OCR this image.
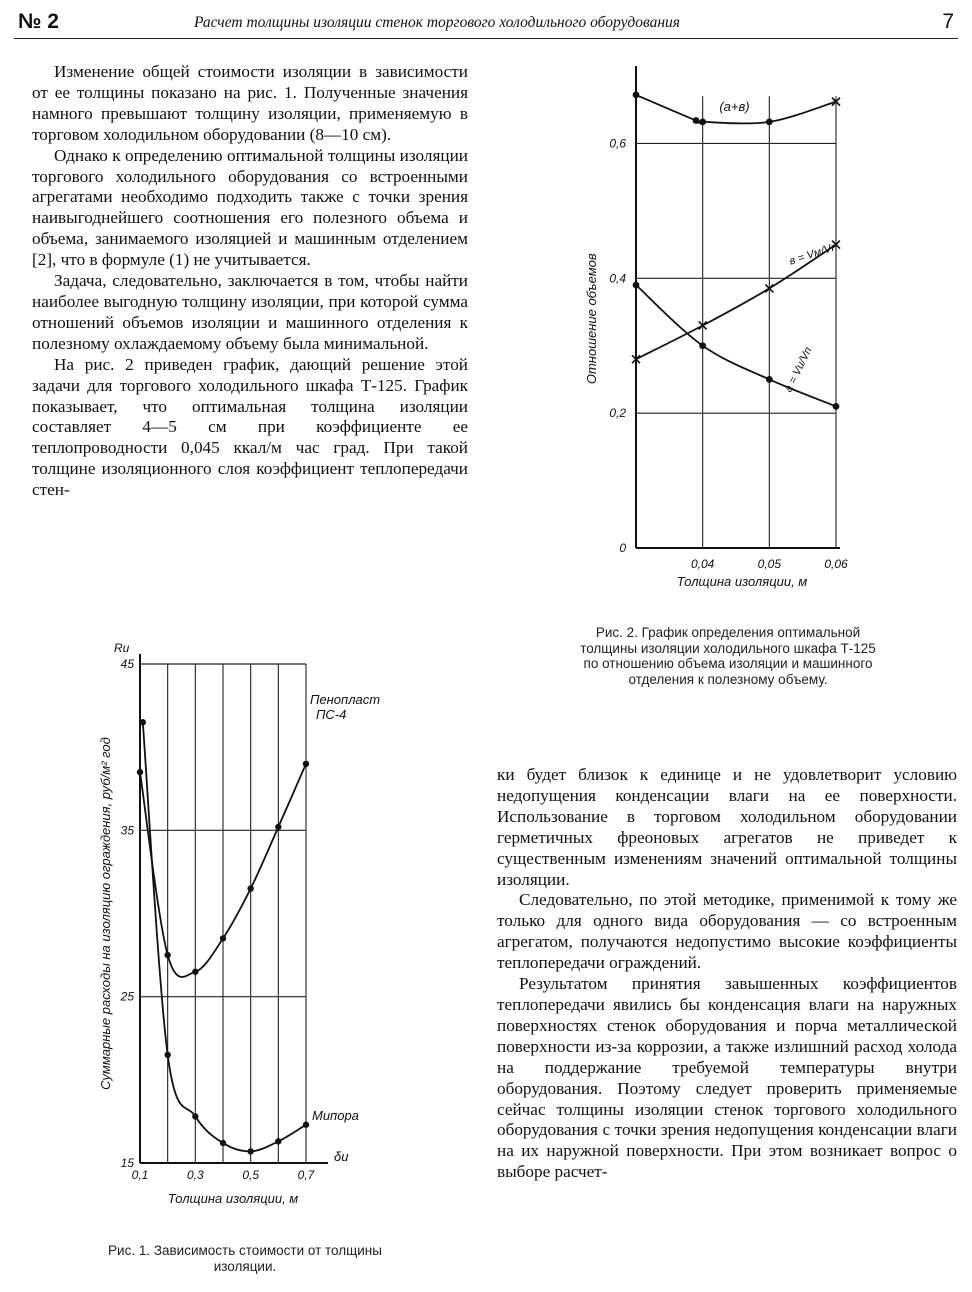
№ 2	Расчет толщины изоляции стенок торгового холодильного оборудования	7

Изменение общей стоимости изоляции в зависимости от ее толщины показано на рис. 1. Полученные значения намного превышают толщину изоляции, применяемую в торговом холодильном оборудовании (8—10 см).

Однако к определению оптимальной толщины изоляции торгового холодильного оборудования со встроенными агрегатами необходимо подходить также с точки зрения наивыгоднейшего соотношения его полезного объема и объема, занимаемого изоляцией и машинным отделением [2], что в формуле (1) не учитывается.

Задача, следовательно, заключается в том, чтобы найти наиболее выгодную толщину изоляции, при которой сумма отношений объемов изоляции и машинного отделения к полезному охлаждаемому объему была минимальной.

На рис. 2 приведен график, дающий решение этой задачи для торгового холодильного шкафа Т-125. График показывает, что оптимальная толщина изоляции составляет 4—5 см при коэффициенте ее теплопроводности 0,045 ккал/м час град. При такой толщине изоляционного слоя коэффициент теплопередачи стен-

ки будет близок к единице и не удовлетворит условию недопущения конденсации влаги на ее поверхности. Использование в торговом холодильном оборудовании герметичных фреоновых агрегатов не приведет к существенным изменениям значений оптимальной толщины изоляции.

Следовательно, по этой методике, применимой к тому же только для одного вида оборудования — со встроенным агрегатом, получаются недопустимо высокие коэффициенты теплопередачи ограждений.

Результатом принятия завышенных коэффициентов теплопередачи явились бы конденсация влаги на наружных поверхностях стенок оборудования и порча металлической поверхности из-за коррозии, а также излишний расход холода на поддержание требуемой температуры внутри оборудования. Поэтому следует проверить применяемые сейчас толщины изоляции стенок торгового холодильного оборудования с точки зрения недопущения конденсации влаги на их наружной поверхности. При этом возникает вопрос о выборе расчет-

15
25
35
45
0,1	0,3	0,5	0,7
Rи
δи
Толщина изоляции, м
Суммарные расходы на изоляцию ограждения, руб/м² год
Пенопласт
ПС-4
Мипора
Рис. 1. Зависимость стоимости от толщины изоляции.
0
0,2
0,4
0,6
0,04	0,05	0,06
Толщина изоляции, м
Отношение объемов
(a+в)
в = Vм/Vп
a = Vи/Vп
Рис. 2. График определения оптимальной толщины изоляции холодильного шкафа Т-125 по отношению объема изоляции и машинного отделения к полезному объему.
